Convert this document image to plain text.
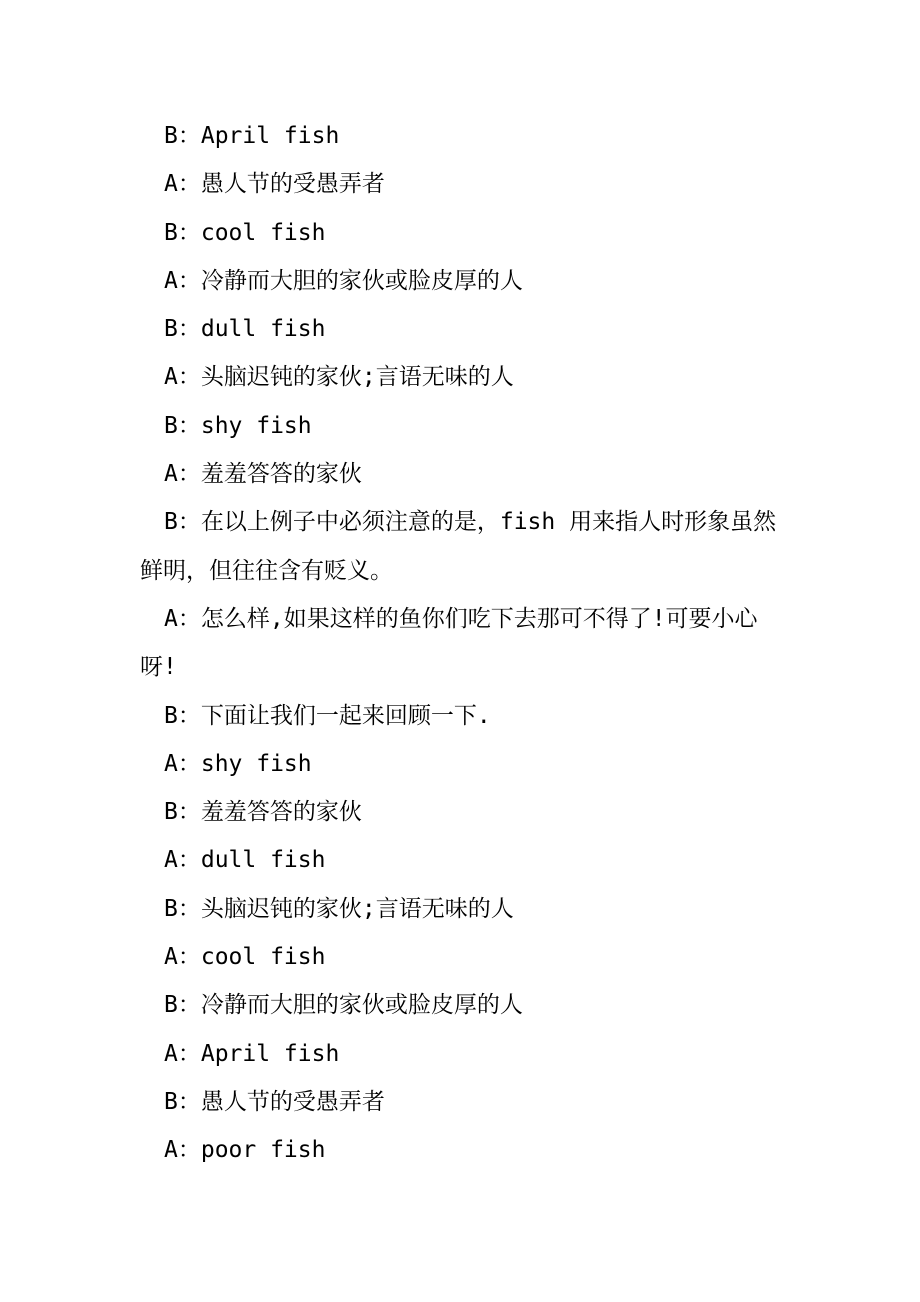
B：April fish

A：愚人节的受愚弄者

B：cool fish

A：冷静而大胆的家伙或脸皮厚的人

B：dull fish

A：头脑迟钝的家伙;言语无味的人

B：shy fish

A：羞羞答答的家伙

B：在以上例子中必须注意的是，fish 用来指人时形象虽然鲜明，但往往含有贬义。

A：怎么样,如果这样的鱼你们吃下去那可不得了!可要小心呀!

B：下面让我们一起来回顾一下.

A：shy fish

B：羞羞答答的家伙

A：dull fish

B：头脑迟钝的家伙;言语无味的人

A：cool fish

B：冷静而大胆的家伙或脸皮厚的人

A：April fish

B：愚人节的受愚弄者

A：poor fish
